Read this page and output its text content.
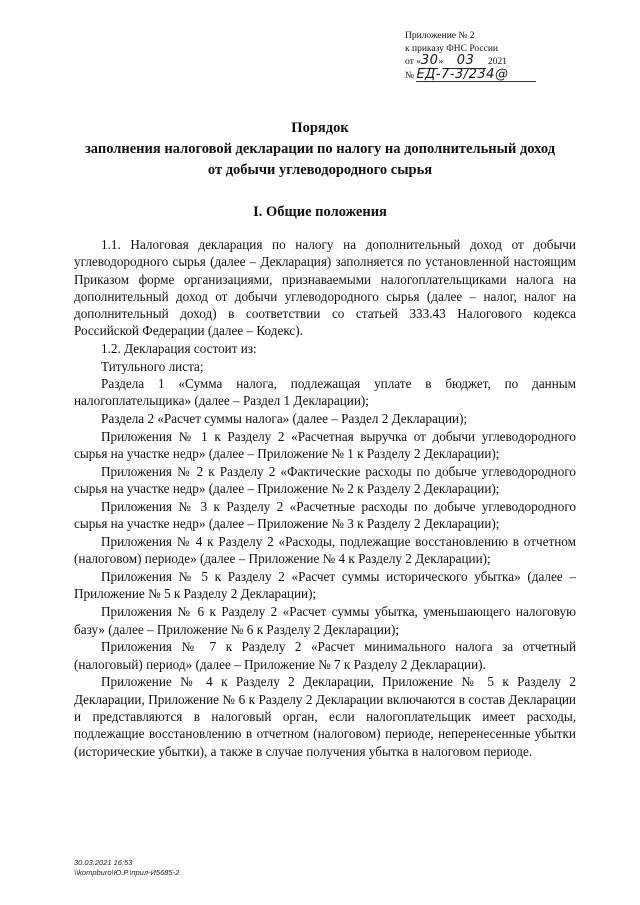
Приложение № 2
к приказу ФНС России
от «30» 03 2021
№ ЕД-7-3/234@
Порядок
заполнения налоговой декларации по налогу на дополнительный доход
от добычи углеводородного сырья
I. Общие положения

1.1. Налоговая декларация по налогу на дополнительный доход от добычи углеводородного сырья (далее – Декларация) заполняется по установленной настоящим Приказом форме организациями, признаваемыми налогоплательщиками налога на дополнительный доход от добычи углеводородного сырья (далее – налог, налог на дополнительный доход) в соответствии со статьей 333.43 Налогового кодекса Российской Федерации (далее – Кодекс).

1.2. Декларация состоит из:

Титульного листа;

Раздела 1 «Сумма налога, подлежащая уплате в бюджет, по данным налогоплательщика» (далее – Раздел 1 Декларации);

Раздела 2 «Расчет суммы налога» (далее – Раздел 2 Декларации);

Приложения № 1 к Разделу 2 «Расчетная выручка от добычи углеводородного сырья на участке недр» (далее – Приложение № 1 к Разделу 2 Декларации);

Приложения № 2 к Разделу 2 «Фактические расходы по добыче углеводородного сырья на участке недр» (далее – Приложение № 2 к Разделу 2 Декларации);

Приложения № 3 к Разделу 2 «Расчетные расходы по добыче углеводородного сырья на участке недр» (далее – Приложение № 3 к Разделу 2 Декларации);

Приложения № 4 к Разделу 2 «Расходы, подлежащие восстановлению в отчетном (налоговом) периоде» (далее – Приложение № 4 к Разделу 2 Декларации);

Приложения № 5 к Разделу 2 «Расчет суммы исторического убытка» (далее – Приложение № 5 к Разделу 2 Декларации);

Приложения № 6 к Разделу 2 «Расчет суммы убытка, уменьшающего налоговую базу» (далее – Приложение № 6 к Разделу 2 Декларации);

Приложения № 7 к Разделу 2 «Расчет минимального налога за отчетный (налоговый) период» (далее – Приложение № 7 к Разделу 2 Декларации).

Приложение № 4 к Разделу 2 Декларации, Приложение № 5 к Разделу 2 Декларации, Приложение № 6 к Разделу 2 Декларации включаются в состав Декларации и представляются в налоговый орган, если налогоплательщик имеет расходы, подлежащие восстановлению в отчетном (налоговом) периоде, неперенесенные убытки (исторические убытки), а также в случае получения убытка в налоговом периоде.

30.03.2021 16:53
\\kompburo\Ю.Р.\прил-И5685-2
